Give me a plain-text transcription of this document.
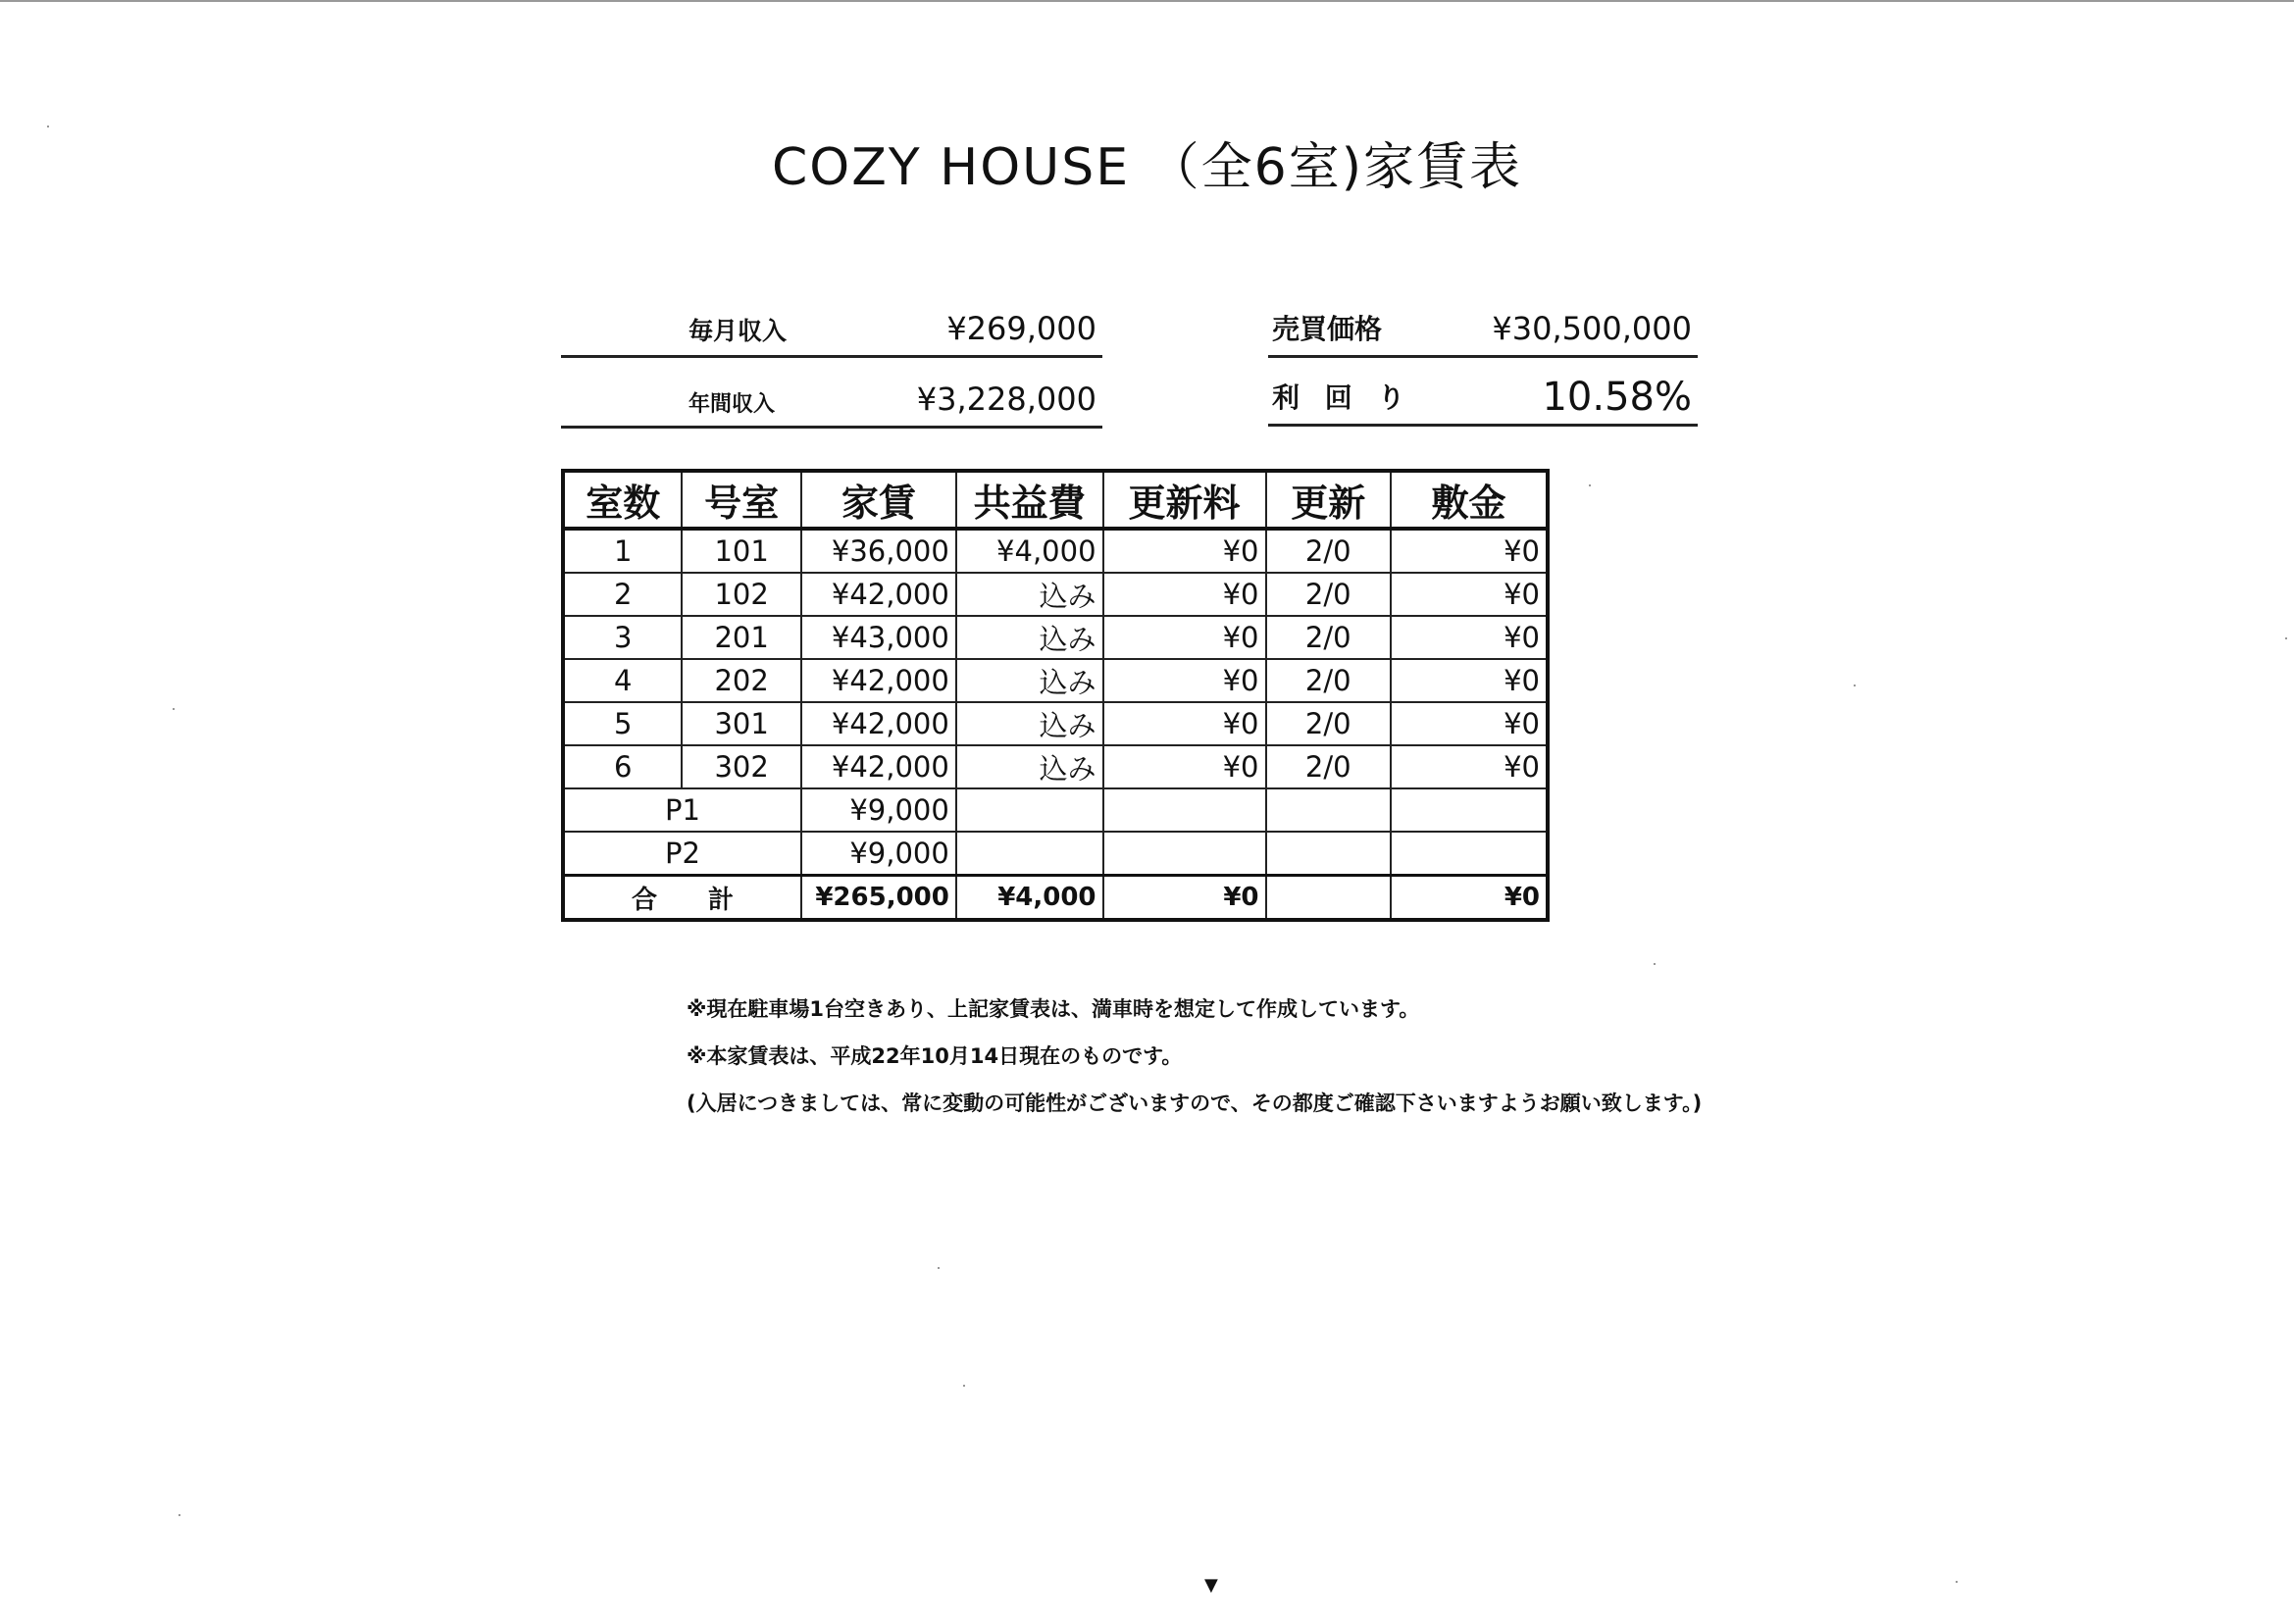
COZY HOUSE （全6室)家賃表
毎月収入	¥269,000
年間収入	¥3,228,000
売買価格	¥30,500,000
利 回 り	10.58%
室数	号室	家賃	共益費	更新料	更新	敷金
1	101	¥36,000	¥4,000	¥0	2/0	¥0
2	102	¥42,000	込み	¥0	2/0	¥0
3	201	¥43,000	込み	¥0	2/0	¥0
4	202	¥42,000	込み	¥0	2/0	¥0
5	301	¥42,000	込み	¥0	2/0	¥0
6	302	¥42,000	込み	¥0	2/0	¥0
P1		¥9,000				
P2		¥9,000				
合　　計		¥265,000	¥4,000	¥0		¥0
※現在駐車場1台空きあり、上記家賃表は、満車時を想定して作成しています。
※本家賃表は、平成22年10月14日現在のものです。
(入居につきましては、常に変動の可能性がございますので、その都度ご確認下さいますようお願い致します。)
▼
